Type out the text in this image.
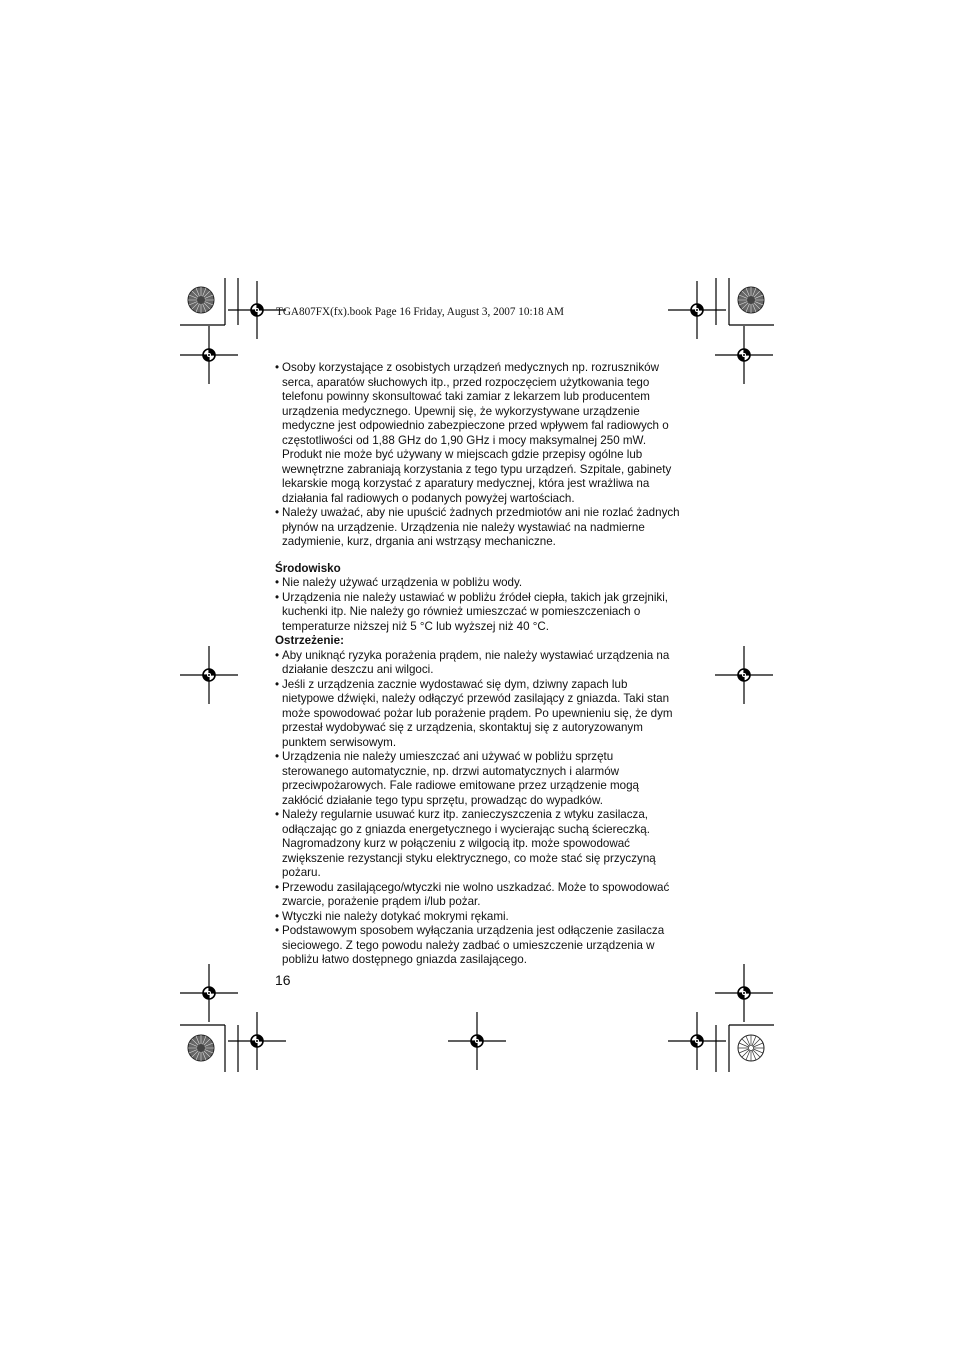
TGA807FX(fx).book Page 16 Friday, August 3, 2007 10:18 AM

• Osoby korzystające z osobistych urządzeń medycznych np. rozruszników serca, aparatów słuchowych itp., przed rozpoczęciem użytkowania tego telefonu powinny skonsultować taki zamiar z lekarzem lub producentem urządzenia medycznego. Upewnij się, że wykorzystywane urządzenie medyczne jest odpowiednio zabezpieczone przed wpływem fal radiowych o częstotliwości od 1,88 GHz do 1,90 GHz i mocy maksymalnej 250 mW. Produkt nie może być używany w miejscach gdzie przepisy ogólne lub wewnętrzne zabraniają korzystania z tego typu urządzeń. Szpitale, gabinety lekarskie mogą korzystać z aparatury medycznej, która jest wrażliwa na działania fal radiowych o podanych powyżej wartościach.

• Należy uważać, aby nie upuścić żadnych przedmiotów ani nie rozlać żadnych płynów na urządzenie. Urządzenia nie należy wystawiać na nadmierne zadymienie, kurz, drgania ani wstrząsy mechaniczne.

Środowisko

• Nie należy używać urządzenia w pobliżu wody.

• Urządzenia nie należy ustawiać w pobliżu źródeł ciepła, takich jak grzejniki, kuchenki itp. Nie należy go również umieszczać w pomieszczeniach o temperaturze niższej niż 5 °C lub wyższej niż 40 °C.

Ostrzeżenie:

• Aby uniknąć ryzyka porażenia prądem, nie należy wystawiać urządzenia na działanie deszczu ani wilgoci.

• Jeśli z urządzenia zacznie wydostawać się dym, dziwny zapach lub nietypowe dźwięki, należy odłączyć przewód zasilający z gniazda. Taki stan może spowodować pożar lub porażenie prądem. Po upewnieniu się, że dym przestał wydobywać się z urządzenia, skontaktuj się z autoryzowanym punktem serwisowym.

• Urządzenia nie należy umieszczać ani używać w pobliżu sprzętu sterowanego automatycznie, np. drzwi automatycznych i alarmów przeciwpożarowych. Fale radiowe emitowane przez urządzenie mogą zakłócić działanie tego typu sprzętu, prowadząc do wypadków.

• Należy regularnie usuwać kurz itp. zanieczyszczenia z wtyku zasilacza, odłączając go z gniazda energetycznego i wycierając suchą ściereczką. Nagromadzony kurz w połączeniu z wilgocią itp. może spowodować zwiększenie rezystancji styku elektrycznego, co może stać się przyczyną pożaru.

• Przewodu zasilającego/wtyczki nie wolno uszkadzać. Może to spowodować zwarcie, porażenie prądem i/lub pożar.

• Wtyczki nie należy dotykać mokrymi rękami.

• Podstawowym sposobem wyłączania urządzenia jest odłączenie zasilacza sieciowego. Z tego powodu należy zadbać o umieszczenie urządzenia w pobliżu łatwo dostępnego gniazda zasilającego.

16
